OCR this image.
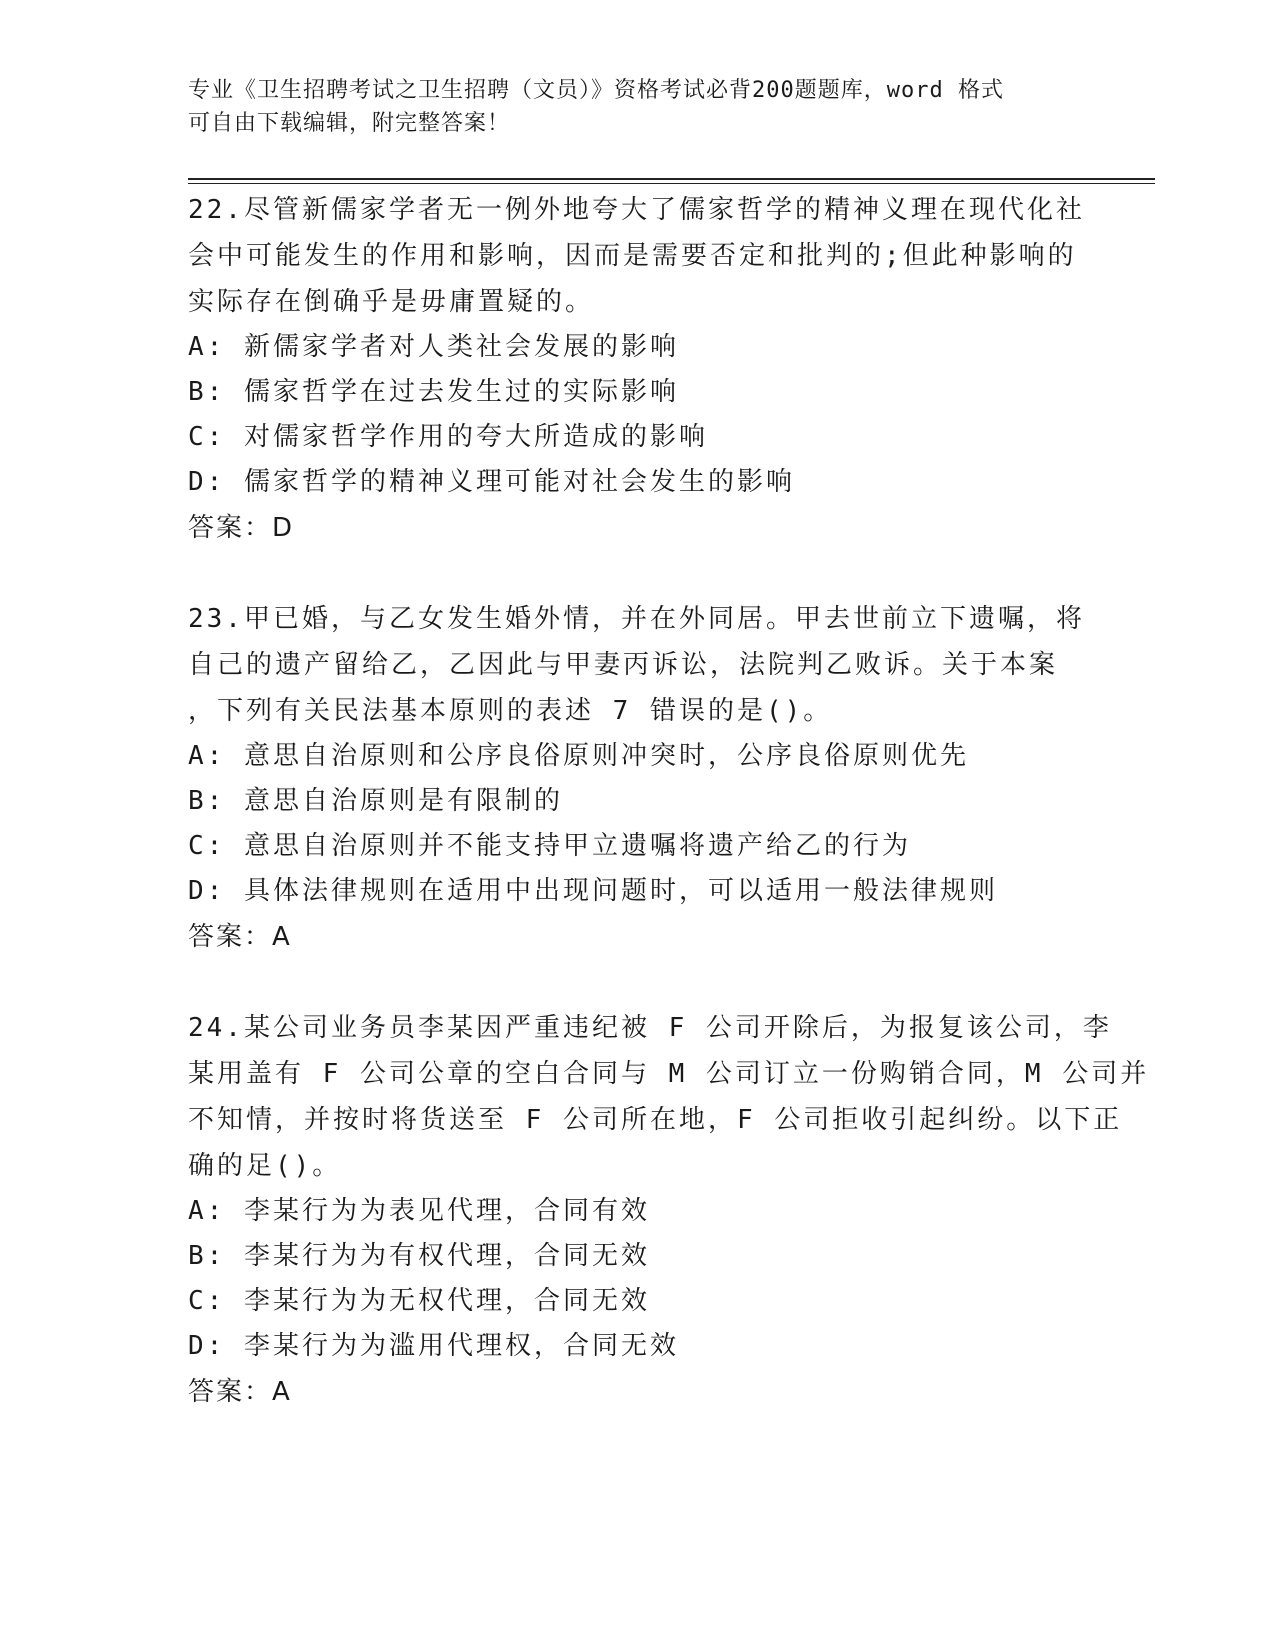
专业《卫生招聘考试之卫生招聘（文员）》资格考试必背200题题库，word 格式
可自由下载编辑，附完整答案！
22.尽管新儒家学者无一例外地夸大了儒家哲学的精神义理在现代化社
会中可能发生的作用和影响，因而是需要否定和批判的;但此种影响的
实际存在倒确乎是毋庸置疑的。
A: 新儒家学者对人类社会发展的影响
B: 儒家哲学在过去发生过的实际影响
C: 对儒家哲学作用的夸大所造成的影响
D: 儒家哲学的精神义理可能对社会发生的影响
答案：D
23.甲已婚，与乙女发生婚外情，并在外同居。甲去世前立下遗嘱，将
自己的遗产留给乙，乙因此与甲妻丙诉讼，法院判乙败诉。关于本案
，下列有关民法基本原则的表述 7 错误的是()。
A: 意思自治原则和公序良俗原则冲突时，公序良俗原则优先
B: 意思自治原则是有限制的
C: 意思自治原则并不能支持甲立遗嘱将遗产给乙的行为
D: 具体法律规则在适用中出现问题时，可以适用一般法律规则
答案：A
24.某公司业务员李某因严重违纪被 F 公司开除后，为报复该公司，李
某用盖有 F 公司公章的空白合同与 M 公司订立一份购销合同，M 公司并
不知情，并按时将货送至 F 公司所在地，F 公司拒收引起纠纷。以下正
确的足()。
A: 李某行为为表见代理，合同有效
B: 李某行为为有权代理，合同无效
C: 李某行为为无权代理，合同无效
D: 李某行为为滥用代理权，合同无效
答案：A
